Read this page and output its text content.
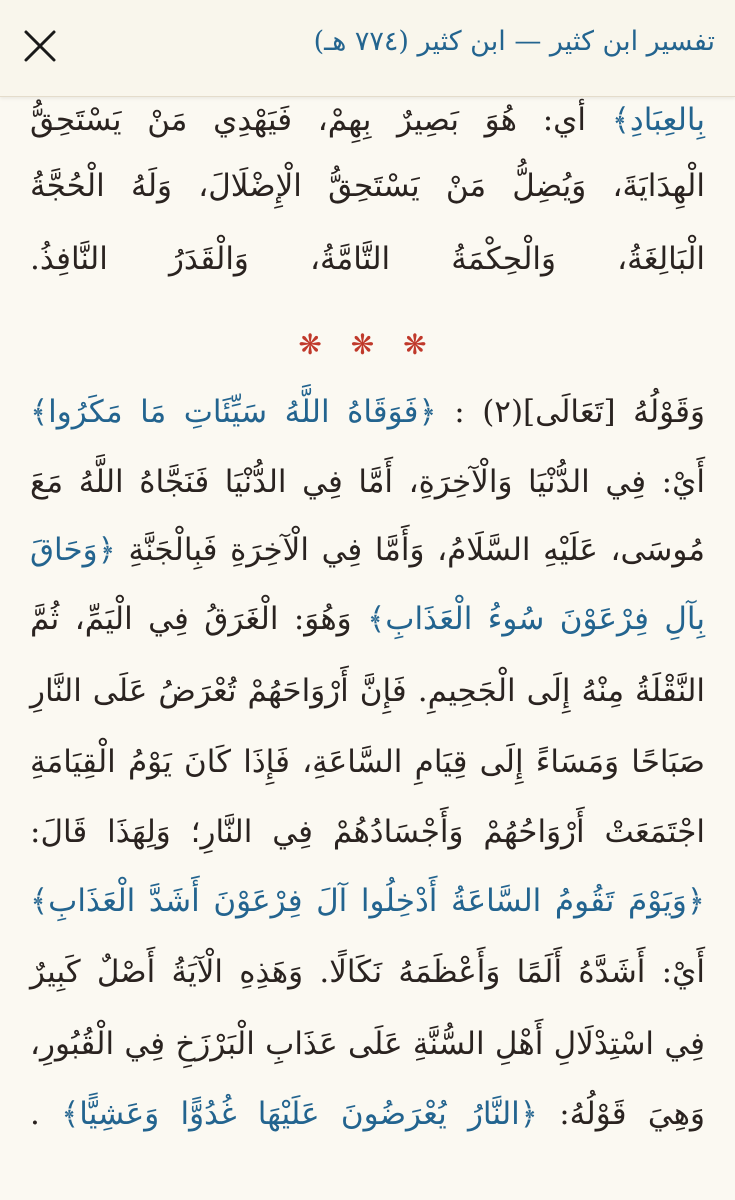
تفسير ابن كثير — ابن كثير (٧٧٤ هـ)
بِالعِبَادِ﴾ أي: هُوَ بَصِيرٌ بِهِمْ، فَيَهْدِي مَنْ يَسْتَحِقُّ
الْهِدَايَةَ، وَيُضِلُّ مَنْ يَسْتَحِقُّ الْإِضْلَالَ، وَلَهُ الْحُجَّةُ
الْبَالِغَةُ، وَالْحِكْمَةُ التَّامَّةُ، وَالْقَدَرُ النَّافِذُ.
❋ ❋ ❋
وَقَوْلُهُ [تَعَالَى](٢) : ﴿فَوَقَاهُ اللَّهُ سَيِّئَاتِ مَا مَكَرُوا﴾
أَيْ: فِي الدُّنْيَا وَالْآخِرَةِ، أَمَّا فِي الدُّنْيَا فَنَجَّاهُ اللَّهُ مَعَ
مُوسَى، عَلَيْهِ السَّلَامُ، وَأَمَّا فِي الْآخِرَةِ فَبِالْجَنَّةِ ﴿وَحَاقَ
بِآلِ فِرْعَوْنَ سُوءُ الْعَذَابِ﴾ وَهُوَ: الْغَرَقُ فِي الْيَمِّ، ثُمَّ
النَّقْلَةُ مِنْهُ إِلَى الْجَحِيمِ. فَإِنَّ أَرْوَاحَهُمْ تُعْرَضُ عَلَى النَّارِ
صَبَاحًا وَمَسَاءً إِلَى قِيَامِ السَّاعَةِ، فَإِذَا كَانَ يَوْمُ الْقِيَامَةِ
اجْتَمَعَتْ أَرْوَاحُهُمْ وَأَجْسَادُهُمْ فِي النَّارِ؛ وَلِهَذَا قَالَ:
﴿وَيَوْمَ تَقُومُ السَّاعَةُ أَدْخِلُوا آلَ فِرْعَوْنَ أَشَدَّ الْعَذَابِ﴾
أَيْ: أَشَدَّهُ أَلَمًا وَأَعْظَمَهُ نَكَالًا. وَهَذِهِ الْآيَةُ أَصْلٌ كَبِيرٌ
فِي اسْتِدْلَالِ أَهْلِ السُّنَّةِ عَلَى عَذَابِ الْبَرْزَخِ فِي الْقُبُورِ،
وَهِيَ قَوْلُهُ: ﴿النَّارُ يُعْرَضُونَ عَلَيْهَا غُدُوًّا وَعَشِيًّا﴾ .
